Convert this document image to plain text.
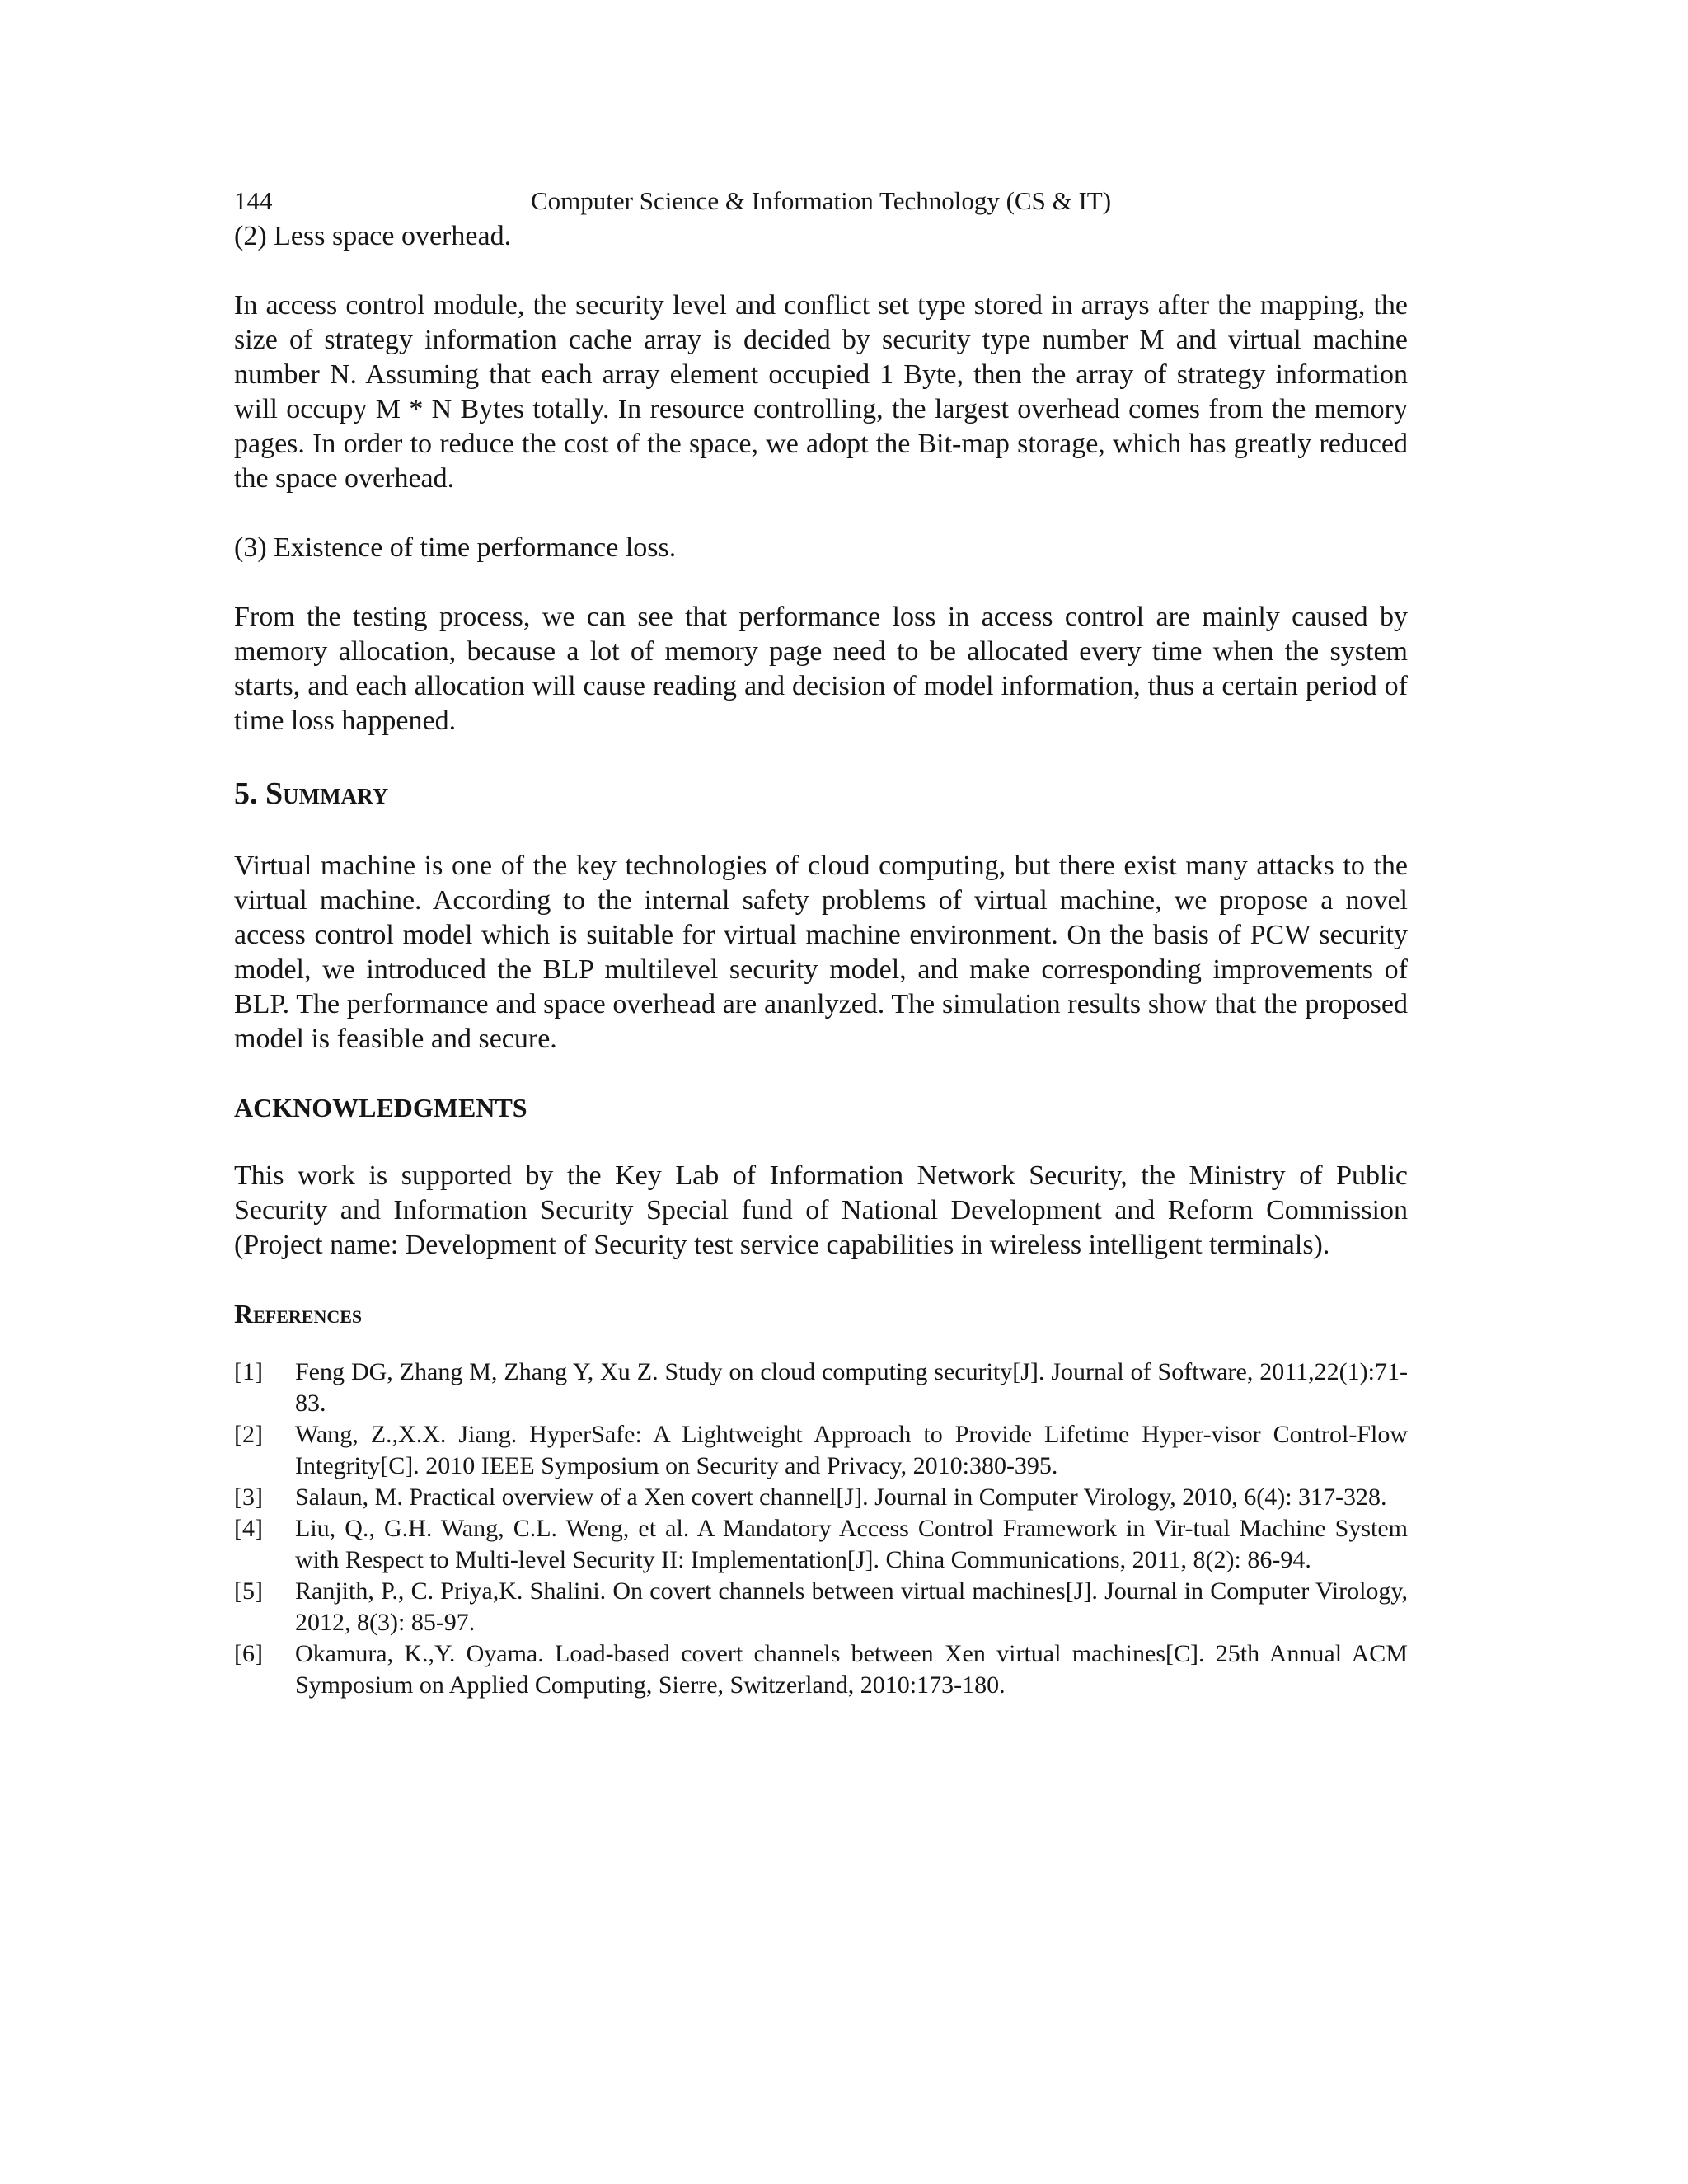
144	Computer Science & Information Technology (CS & IT)

(2) Less space overhead.

In access control module, the security level and conflict set type stored in arrays after the mapping, the size of strategy information cache array is decided by security type number M and virtual machine number N. Assuming that each array element occupied 1 Byte, then the array of strategy information will occupy M * N Bytes totally. In resource controlling, the largest overhead comes from the memory pages. In order to reduce the cost of the space, we adopt the Bit-map storage, which has greatly reduced the space overhead.

(3) Existence of time performance loss.

From the testing process, we can see that performance loss in access control are mainly caused by memory allocation, because a lot of memory page need to be allocated every time when the system starts, and each allocation will cause reading and decision of model information, thus a certain period of time loss happened.

5. Summary

Virtual machine is one of the key technologies of cloud computing, but there exist many attacks to the virtual machine. According to the internal safety problems of virtual machine, we propose a novel access control model which is suitable for virtual machine environment. On the basis of PCW security model, we introduced the BLP multilevel security model, and make corresponding improvements of BLP. The performance and space overhead are ananlyzed. The simulation results show that the proposed model is feasible and secure.

ACKNOWLEDGMENTS

This work is supported by the Key Lab of Information Network Security, the Ministry of Public Security and Information Security Special fund of National Development and Reform Commission (Project name: Development of Security test service capabilities in wireless intelligent terminals).

References
[1]	Feng DG, Zhang M, Zhang Y, Xu Z. Study on cloud computing security[J]. Journal of Software, 2011,22(1):71-83.
[2]	Wang, Z.,X.X. Jiang. HyperSafe: A Lightweight Approach to Provide Lifetime Hyper-visor Control-Flow Integrity[C]. 2010 IEEE Symposium on Security and Privacy, 2010:380-395.
[3]	Salaun, M. Practical overview of a Xen covert channel[J]. Journal in Computer Virology, 2010, 6(4): 317-328.
[4]	Liu, Q., G.H. Wang, C.L. Weng, et al. A Mandatory Access Control Framework in Vir-tual Machine System with Respect to Multi-level Security II: Implementation[J]. China Communications, 2011, 8(2): 86-94.
[5]	Ranjith, P., C. Priya,K. Shalini. On covert channels between virtual machines[J]. Journal in Computer Virology, 2012, 8(3): 85-97.
[6]	Okamura, K.,Y. Oyama. Load-based covert channels between Xen virtual machines[C]. 25th Annual ACM Symposium on Applied Computing, Sierre, Switzerland, 2010:173-180.
